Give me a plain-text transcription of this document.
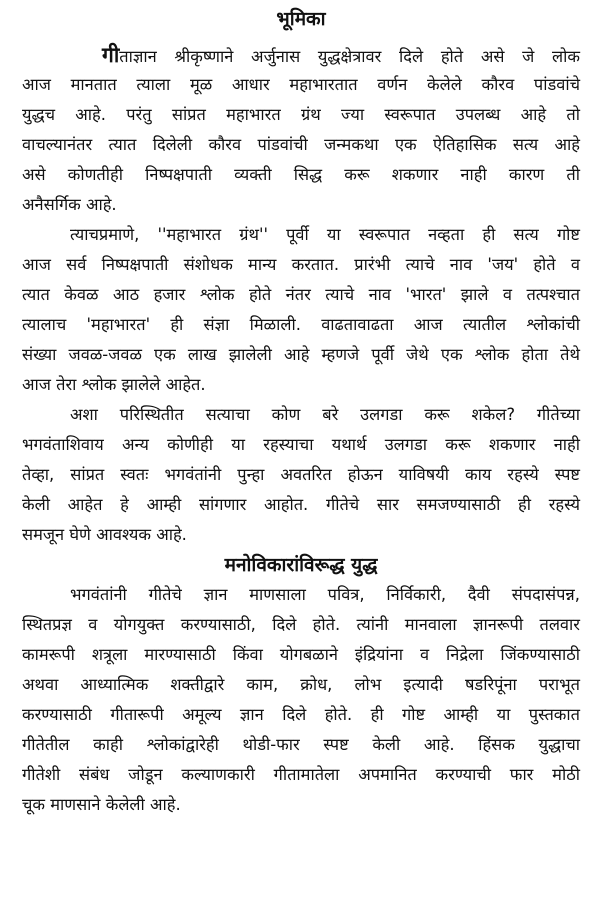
भूमिका
गीताज्ञान श्रीकृष्णाने अर्जुनास युद्धक्षेत्रावर दिले होते असे जे लोक
आज मानतात त्याला मूळ आधार महाभारतात वर्णन केलेले कौरव पांडवांचे
युद्धच आहे. परंतु सांप्रत महाभारत ग्रंथ ज्या स्वरूपात उपलब्ध आहे तो
वाचल्यानंतर त्यात दिलेली कौरव पांडवांची जन्मकथा एक ऐतिहासिक सत्य आहे
असे कोणतीही निष्पक्षपाती व्यक्ती सिद्ध करू शकणार नाही कारण ती
अनैसर्गिक आहे.
त्याचप्रमाणे, ''महाभारत ग्रंथ'' पूर्वी या स्वरूपात नव्हता ही सत्य गोष्ट
आज सर्व निष्पक्षपाती संशोधक मान्य करतात. प्रारंभी त्याचे नाव 'जय' होते व
त्यात केवळ आठ हजार श्लोक होते नंतर त्याचे नाव 'भारत' झाले व तत्पश्चात
त्यालाच 'महाभारत' ही संज्ञा मिळाली. वाढतावाढता आज त्यातील श्लोकांची
संख्या जवळ-जवळ एक लाख झालेली आहे म्हणजे पूर्वी जेथे एक श्लोक होता तेथे
आज तेरा श्लोक झालेले आहेत.
अशा परिस्थितीत सत्याचा कोण बरे उलगडा करू शकेल? गीतेच्या
भगवंताशिवाय अन्य कोणीही या रहस्याचा यथार्थ उलगडा करू शकणार नाही
तेव्हा, सांप्रत स्वतः भगवंतांनी पुन्हा अवतरित होऊन याविषयी काय रहस्ये स्पष्ट
केली आहेत हे आम्ही सांगणार आहोत. गीतेचे सार समजण्यासाठी ही रहस्ये
समजून घेणे आवश्यक आहे.
मनोविकारांविरूद्ध युद्ध
भगवंतांनी गीतेचे ज्ञान माणसाला पवित्र, निर्विकारी, दैवी संपदासंपन्न,
स्थितप्रज्ञ व योगयुक्त करण्यासाठी, दिले होते. त्यांनी मानवाला ज्ञानरूपी तलवार
कामरूपी शत्रूला मारण्यासाठी किंवा योगबळाने इंद्रियांना व निद्रेला जिंकण्यासाठी
अथवा आध्यात्मिक शक्तीद्वारे काम, क्रोध, लोभ इत्यादी षडरिपूंना पराभूत
करण्यासाठी गीतारूपी अमूल्य ज्ञान दिले होते. ही गोष्ट आम्ही या पुस्तकात
गीतेतील काही श्लोकांद्वारेही थोडी-फार स्पष्ट केली आहे. हिंसक युद्धाचा
गीतेशी संबंध जोडून कल्याणकारी गीतामातेला अपमानित करण्याची फार मोठी
चूक माणसाने केलेली आहे.
